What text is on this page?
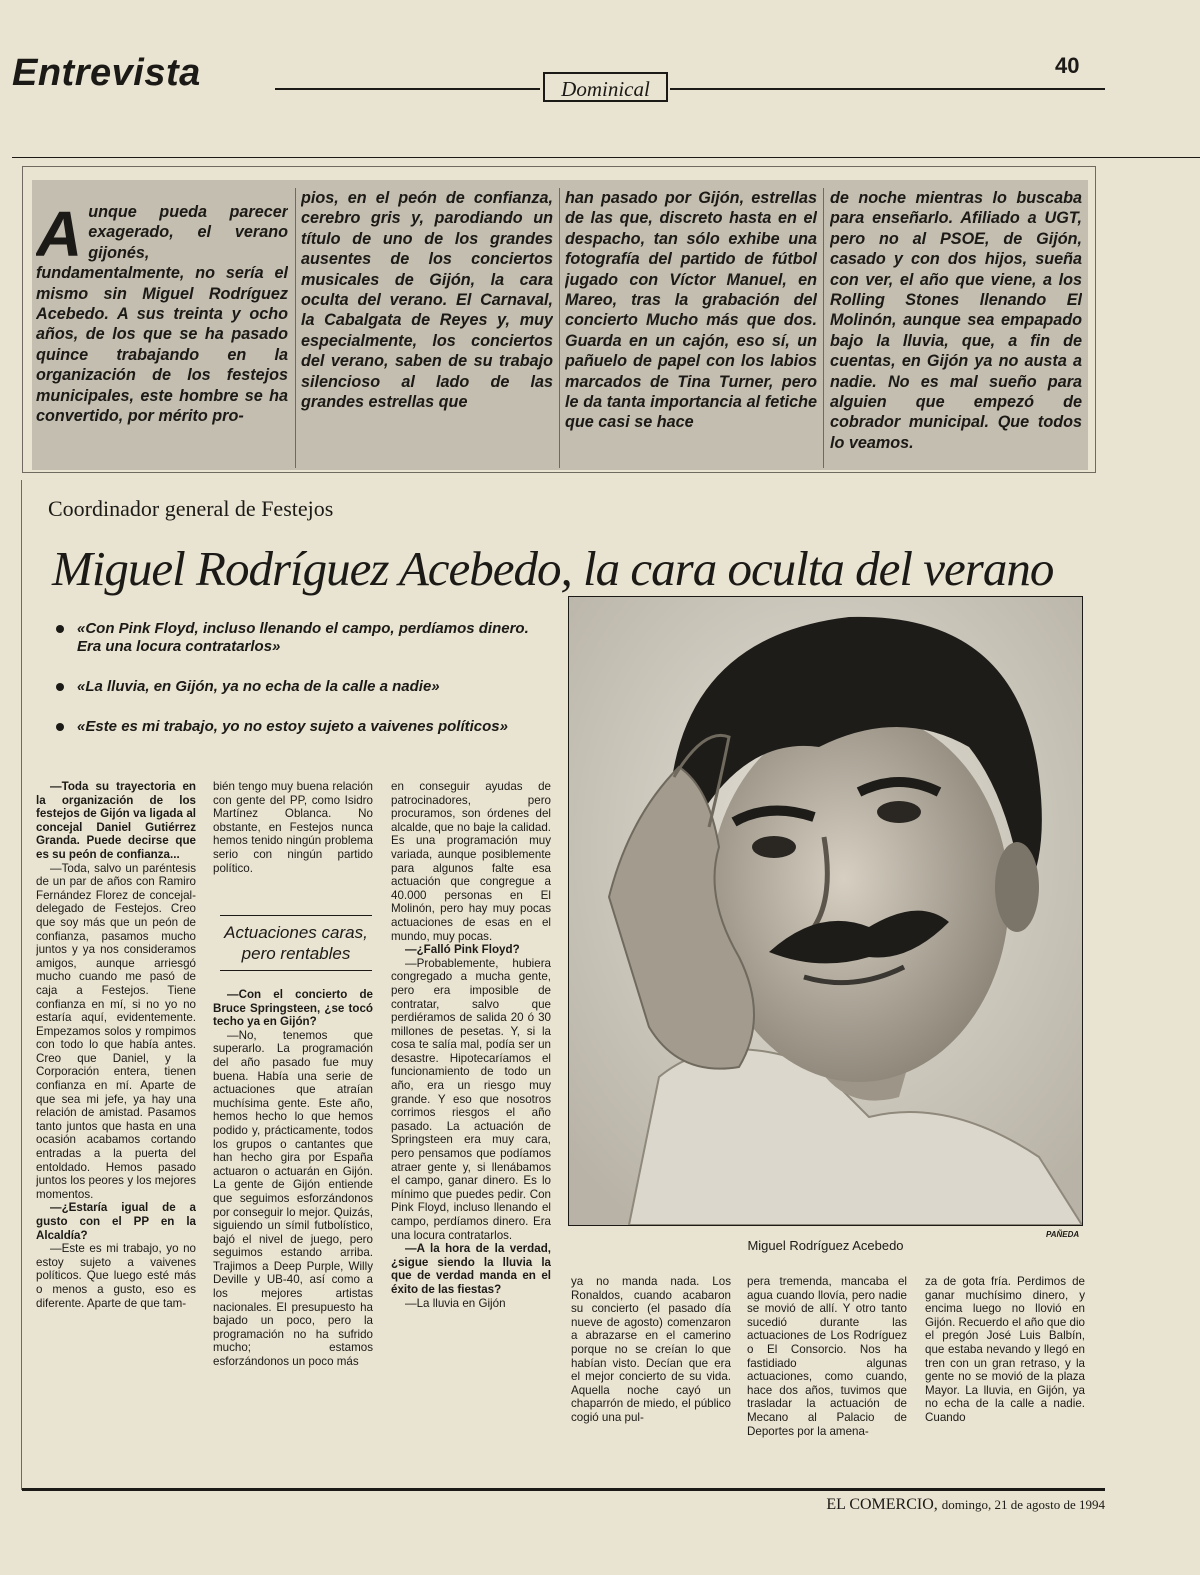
Entrevista	Dominical
40
A unque pueda parecer exagerado, el verano gijonés, fundamentalmente, no sería el mismo sin Miguel Rodríguez Acebedo. A sus treinta y ocho años, de los que se ha pasado quince trabajando en la organización de los festejos municipales, este hombre se ha convertido, por mérito pro-
pios, en el peón de confianza, cerebro gris y, parodiando un título de uno de los grandes ausentes de los conciertos musicales de Gijón, la cara oculta del verano. El Carnaval, la Cabalgata de Reyes y, muy especialmente, los conciertos del verano, saben de su trabajo silencioso al lado de las grandes estrellas que
han pasado por Gijón, estrellas de las que, discreto hasta en el despacho, tan sólo exhibe una fotografía del partido de fútbol jugado con Víctor Manuel, en Mareo, tras la grabación del concierto Mucho más que dos. Guarda en un cajón, eso sí, un pañuelo de papel con los labios marcados de Tina Turner, pero le da tanta importancia al fetiche que casi se hace
de noche mientras lo buscaba para enseñarlo. Afiliado a UGT, pero no al PSOE, de Gijón, casado y con dos hijos, sueña con ver, el año que viene, a los Rolling Stones llenando El Molinón, aunque sea empapado bajo la lluvia, que, a fin de cuentas, en Gijón ya no austa a nadie. No es mal sueño para alguien que empezó de cobrador municipal. Que todos lo veamos.
Coordinador general de Festejos
Miguel Rodríguez Acebedo, la cara oculta del verano
«Con Pink Floyd, incluso llenando el campo, perdíamos dinero. Era una locura contratarlos»
«La lluvia, en Gijón, ya no echa de la calle a nadie»
«Este es mi trabajo, yo no estoy sujeto a vaivenes políticos»

—Toda su trayectoria en la organización de los festejos de Gijón va ligada al concejal Daniel Gutiérrez Granda. Puede decirse que es su peón de confianza...

—Toda, salvo un paréntesis de un par de años con Ramiro Fernández Florez de concejal-delegado de Festejos. Creo que soy más que un peón de confianza, pasamos mucho juntos y ya nos consideramos amigos, aunque arriesgó mucho cuando me pasó de caja a Festejos. Tiene confianza en mí, si no yo no estaría aquí, evidentemente. Empezamos solos y rompimos con todo lo que había antes. Creo que Daniel, y la Corporación entera, tienen confianza en mí. Aparte de que sea mi jefe, ya hay una relación de amistad. Pasamos tanto juntos que hasta en una ocasión acabamos cortando entradas a la puerta del entoldado. Hemos pasado juntos los peores y los mejores momentos.

—¿Estaría igual de a gusto con el PP en la Alcaldía?

—Este es mi trabajo, yo no estoy sujeto a vaivenes políticos. Que luego esté más o menos a gusto, eso es diferente. Aparte de que tam-

bién tengo muy buena relación con gente del PP, como Isidro Martínez Oblanca. No obstante, en Festejos nunca hemos tenido ningún problema serio con ningún partido político.

Actuaciones caras, pero rentables

—Con el concierto de Bruce Springsteen, ¿se tocó techo ya en Gijón?

—No, tenemos que superarlo. La programación del año pasado fue muy buena. Había una serie de actuaciones que atraían muchísima gente. Este año, hemos hecho lo que hemos podido y, prácticamente, todos los grupos o cantantes que han hecho gira por España actuaron o actuarán en Gijón. La gente de Gijón entiende que seguimos esforzándonos por conseguir lo mejor. Quizás, siguiendo un símil futbolístico, bajó el nivel de juego, pero seguimos estando arriba. Trajimos a Deep Purple, Willy Deville y UB-40, así como a los mejores artistas nacionales. El presupuesto ha bajado un poco, pero la programación no ha sufrido mucho; estamos esforzándonos un poco más

en conseguir ayudas de patrocinadores, pero procuramos, son órdenes del alcalde, que no baje la calidad. Es una programación muy variada, aunque posiblemente para algunos falte esa actuación que congregue a 40.000 personas en El Molinón, pero hay muy pocas actuaciones de esas en el mundo, muy pocas.

—¿Falló Pink Floyd?

—Probablemente, hubiera congregado a mucha gente, pero era imposible de contratar, salvo que perdiéramos de salida 20 ó 30 millones de pesetas. Y, si la cosa te salía mal, podía ser un desastre. Hipotecaríamos el funcionamiento de todo un año, era un riesgo muy grande. Y eso que nosotros corrimos riesgos el año pasado. La actuación de Springsteen era muy cara, pero pensamos que podíamos atraer gente y, si llenábamos el campo, ganar dinero. Es lo mínimo que puedes pedir. Con Pink Floyd, incluso llenando el campo, perdíamos dinero. Era una locura contratarlos.

—A la hora de la verdad, ¿sigue siendo la lluvia la que de verdad manda en el éxito de las fiestas?

—La lluvia en Gijón

ya no manda nada. Los Ronaldos, cuando acabaron su concierto (el pasado día nueve de agosto) comenzaron a abrazarse en el camerino porque no se creían lo que habían visto. Decían que era el mejor concierto de su vida. Aquella noche cayó un chaparrón de miedo, el público cogió una pul-

pera tremenda, mancaba el agua cuando llovía, pero nadie se movió de allí. Y otro tanto sucedió durante las actuaciones de Los Rodríguez o El Consorcio. Nos ha fastidiado algunas actuaciones, como cuando, hace dos años, tuvimos que trasladar la actuación de Mecano al Palacio de Deportes por la amena-

za de gota fría. Perdimos de ganar muchísimo dinero, y encima luego no llovió en Gijón. Recuerdo el año que dio el pregón José Luis Balbín, que estaba nevando y llegó en tren con un gran retraso, y la gente no se movió de la plaza Mayor. La lluvia, en Gijón, ya no echa de la calle a nadie. Cuando

PAÑEDA
Miguel Rodríguez Acebedo
EL COMERCIO, domingo, 21 de agosto de 1994
